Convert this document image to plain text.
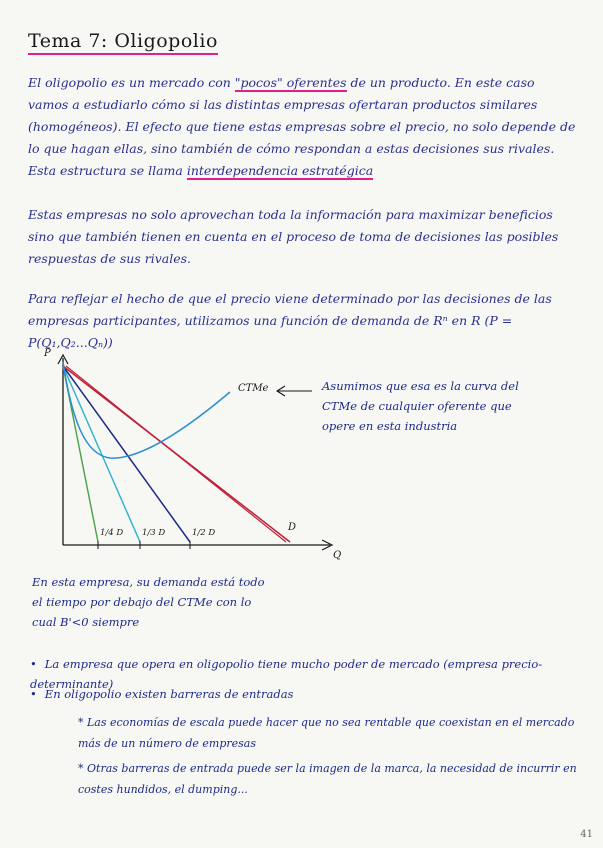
Tema 7: Oligopolio
El oligopolio es un mercado con "pocos" oferentes de un producto. En este caso vamos a estudiarlo cómo si las distintas empresas ofertaran productos similares (homogéneos). El efecto que tiene estas empresas sobre el precio, no solo depende de lo que hagan ellas, sino también de cómo respondan a estas decisiones sus rivales. Esta estructura se llama interdependencia estratégica
Estas empresas no solo aprovechan toda la información para maximizar beneficios sino que también tienen en cuenta en el proceso de toma de decisiones las posibles respuestas de sus rivales.
Para reflejar el hecho de que el precio viene determinado por las decisiones de las empresas participantes, utilizamos una función de demanda de Rⁿ en R (P = P(Q₁,Q₂...Qₙ))
P
Q
CTMe
D
1/4 D 1/3 D	1/2 D
Asumimos que esa es la curva del CTMe de cualquier oferente que opere en esta industria
En esta empresa, su demanda está todo el tiempo por debajo del CTMe con lo cual B'<0 siempre
• La empresa que opera en oligopolio tiene mucho poder de mercado (empresa precio-determinante)
• En oligopolio existen barreras de entradas
* Las economías de escala puede hacer que no sea rentable que coexistan en el mercado más de un número de empresas
* Otras barreras de entrada puede ser la imagen de la marca, la necesidad de incurrir en costes hundidos, el dumping...
41
